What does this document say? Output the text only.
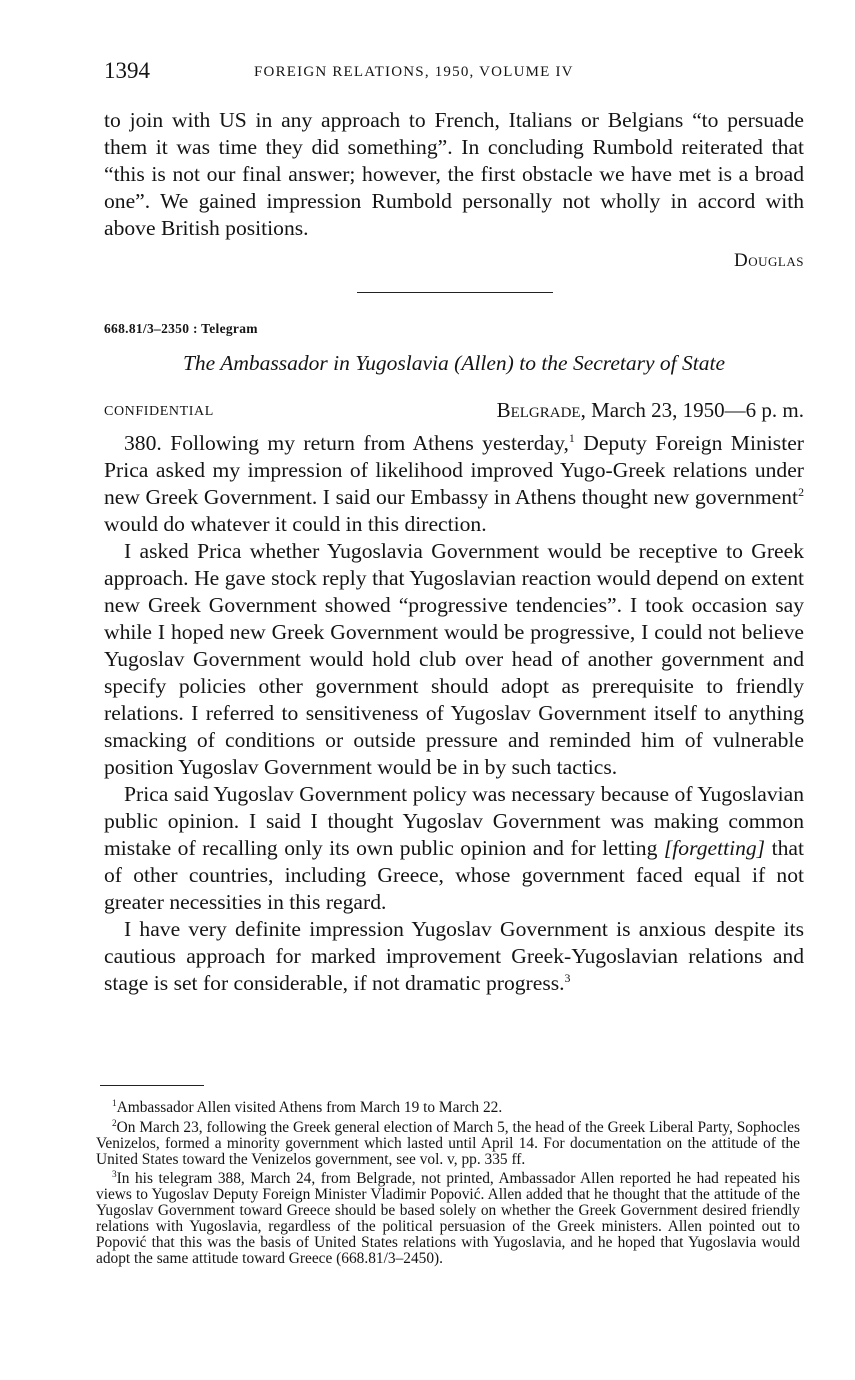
1394	FOREIGN RELATIONS, 1950, VOLUME IV

to join with US in any approach to French, Italians or Belgians “to persuade them it was time they did something”. In concluding Rumbold reiterated that “this is not our final answer; however, the first obstacle we have met is a broad one”. We gained impression Rumbold personally not wholly in accord with above British positions.

Douglas
668.81/3–2350 : Telegram
The Ambassador in Yugoslavia (Allen) to the Secretary of State
CONFIDENTIAL	Belgrade, March 23, 1950—6 p. m.

380. Following my return from Athens yesterday,$^1$ Deputy Foreign Minister Prica asked my impression of likelihood improved Yugo-Greek relations under new Greek Government. I said our Embassy in Athens thought new government$^2$ would do whatever it could in this direction.

I asked Prica whether Yugoslavia Government would be receptive to Greek approach. He gave stock reply that Yugoslavian reaction would depend on extent new Greek Government showed “progressive tendencies”. I took occasion say while I hoped new Greek Government would be progressive, I could not believe Yugoslav Government would hold club over head of another government and specify policies other government should adopt as prerequisite to friendly relations. I referred to sensitiveness of Yugoslav Government itself to anything smacking of conditions or outside pressure and reminded him of vulnerable position Yugoslav Government would be in by such tactics.

Prica said Yugoslav Government policy was necessary because of Yugoslavian public opinion. I said I thought Yugoslav Government was making common mistake of recalling only its own public opinion and for letting [forgetting] that of other countries, including Greece, whose government faced equal if not greater necessities in this regard.

I have very definite impression Yugoslav Government is anxious despite its cautious approach for marked improvement Greek-Yugoslavian relations and stage is set for considerable, if not dramatic progress.$^3$

$^1$Ambassador Allen visited Athens from March 19 to March 22.

$^2$On March 23, following the Greek general election of March 5, the head of the Greek Liberal Party, Sophocles Venizelos, formed a minority government which lasted until April 14. For documentation on the attitude of the United States toward the Venizelos government, see vol. v, pp. 335 ff.

$^3$In his telegram 388, March 24, from Belgrade, not printed, Ambassador Allen reported he had repeated his views to Yugoslav Deputy Foreign Minister Vladimir Popović. Allen added that he thought that the attitude of the Yugoslav Government toward Greece should be based solely on whether the Greek Government desired friendly relations with Yugoslavia, regardless of the political persuasion of the Greek ministers. Allen pointed out to Popović that this was the basis of United States relations with Yugoslavia, and he hoped that Yugoslavia would adopt the same attitude toward Greece (668.81/3–2450).
